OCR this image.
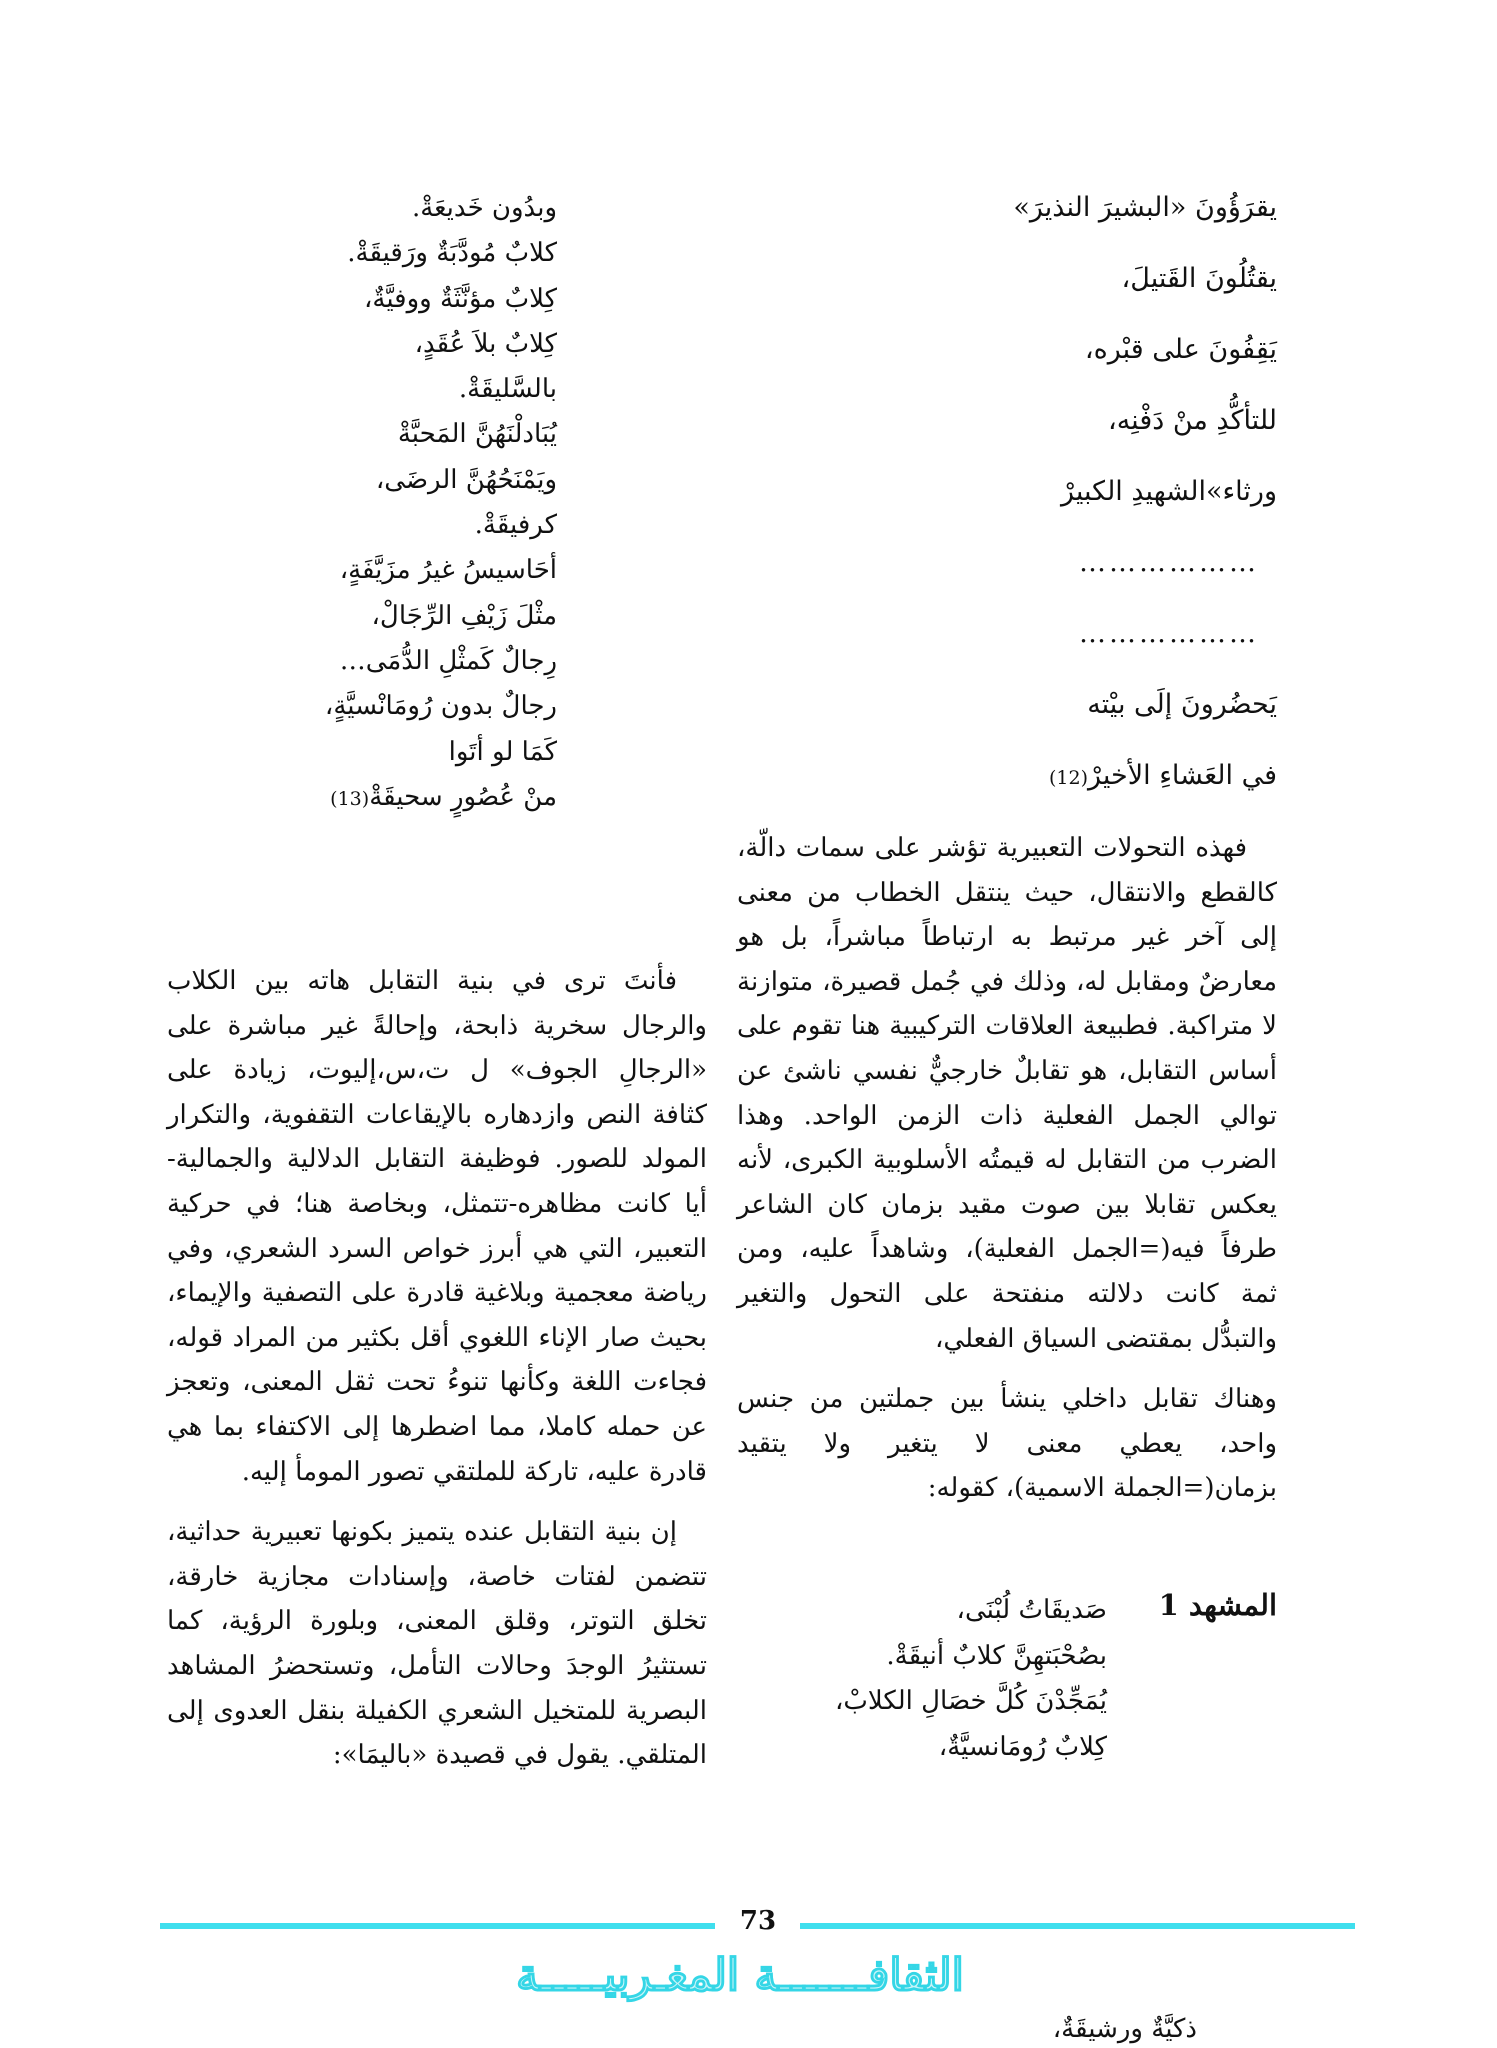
يقرَؤُونَ «البشيرَ النذيرَ»
يقتُلُونَ القَتيلَ،
يَقِفُونَ على قبْره،
للتأكُّدِ منْ دَفْنِه،
ورثاء»الشهيدِ الكبيرْ
………………
………………
يَحضُرونَ إلَى بيْته
في العَشاءِ الأخيرْ(12)

فهذه التحولات التعبيرية تؤشر على سمات دالّة، كالقطع والانتقال، حيث ينتقل الخطاب من معنى إلى آخر غير مرتبط به ارتباطاً مباشراً، بل هو معارضٌ ومقابل له، وذلك في جُمل قصيرة، متوازنة لا متراكبة. فطبيعة العلاقات التركيبية هنا تقوم على أساس التقابل، هو تقابلٌ خارجيٌّ نفسي ناشئ عن توالي الجمل الفعلية ذات الزمن الواحد. وهذا الضرب من التقابل له قيمتُه الأسلوبية الكبرى، لأنه يعكس تقابلا بين صوت مقيد بزمان كان الشاعر طرفاً فيه(=الجمل الفعلية)، وشاهداً عليه، ومن ثمة كانت دلالته منفتحة على التحول والتغير والتبدُّل بمقتضى السياق الفعلي،

وهناك تقابل داخلي ينشأ بين جملتين من جنس واحد، يعطي معنى لا يتغير ولا يتقيد بزمان(=الجملة الاسمية)، كقوله:

المشهد 1
صَديقَاتُ لُبْنَى،
بصُحْبَتهِنَّ كلابٌ أنيقَةْ.
يُمَجِّدْنَ كُلَّ خصَالِ الكلابْ،
كِلابٌ رُومَانسيَّةٌ،
ذكيَّةٌ ورشيقَةٌ،
وبدُون خَديعَةْ.
كلابٌ مُودَّبَةٌ ورَقيقَةْ.
كِلابٌ مؤنَّثَةٌ ووفيَّةٌ،
كِلابٌ بلاَ عُقَدٍ،
بالسَّليقَةْ.
يُبَادلْنَهُنَّ المَحبَّةْ
ويَمْنَحُهُنَّ الرضَى،
كرفيقَةْ.
أحَاسيسُ غيرُ مزَيَّفَةٍ،
مثْلَ زَيْفِ الرِّجَالْ،
رِجالٌ كَمثْلِ الدُّمَى…
رجالٌ بدون رُومَانْسيَّةٍ،
كَمَا لو أتَوا
منْ عُصُورٍ سحيقَةْ(13)

فأنتَ ترى في بنية التقابل هاته بين الكلاب والرجال سخرية ذابحة، وإحالةً غير مباشرة على «الرجالِ الجوف» ل ت،س،إليوت، زيادة على كثافة النص وازدهاره بالإيقاعات التقفوية، والتكرار المولد للصور. فوظيفة التقابل الدلالية والجمالية- أيا كانت مظاهره-تتمثل، وبخاصة هنا؛ في حركية التعبير، التي هي أبرز خواص السرد الشعري، وفي رياضة معجمية وبلاغية قادرة على التصفية والإيماء، بحيث صار الإناء اللغوي أقل بكثير من المراد قوله، فجاءت اللغة وكأنها تنوءُ تحت ثقل المعنى، وتعجز عن حمله كاملا، مما اضطرها إلى الاكتفاء بما هي قادرة عليه، تاركة للملتقي تصور المومأ إليه.

إن بنية التقابل عنده يتميز بكونها تعبيرية حداثية، تتضمن لفتات خاصة، وإسنادات مجازية خارقة، تخلق التوتر، وقلق المعنى، وبلورة الرؤية، كما تستثيرُ الوجدَ وحالات التأمل، وتستحضرُ المشاهد البصرية للمتخيل الشعري الكفيلة بنقل العدوى إلى المتلقي. يقول في قصيدة «باليمَا»:

73
الثقافـــــــة المغـربيـــــة
